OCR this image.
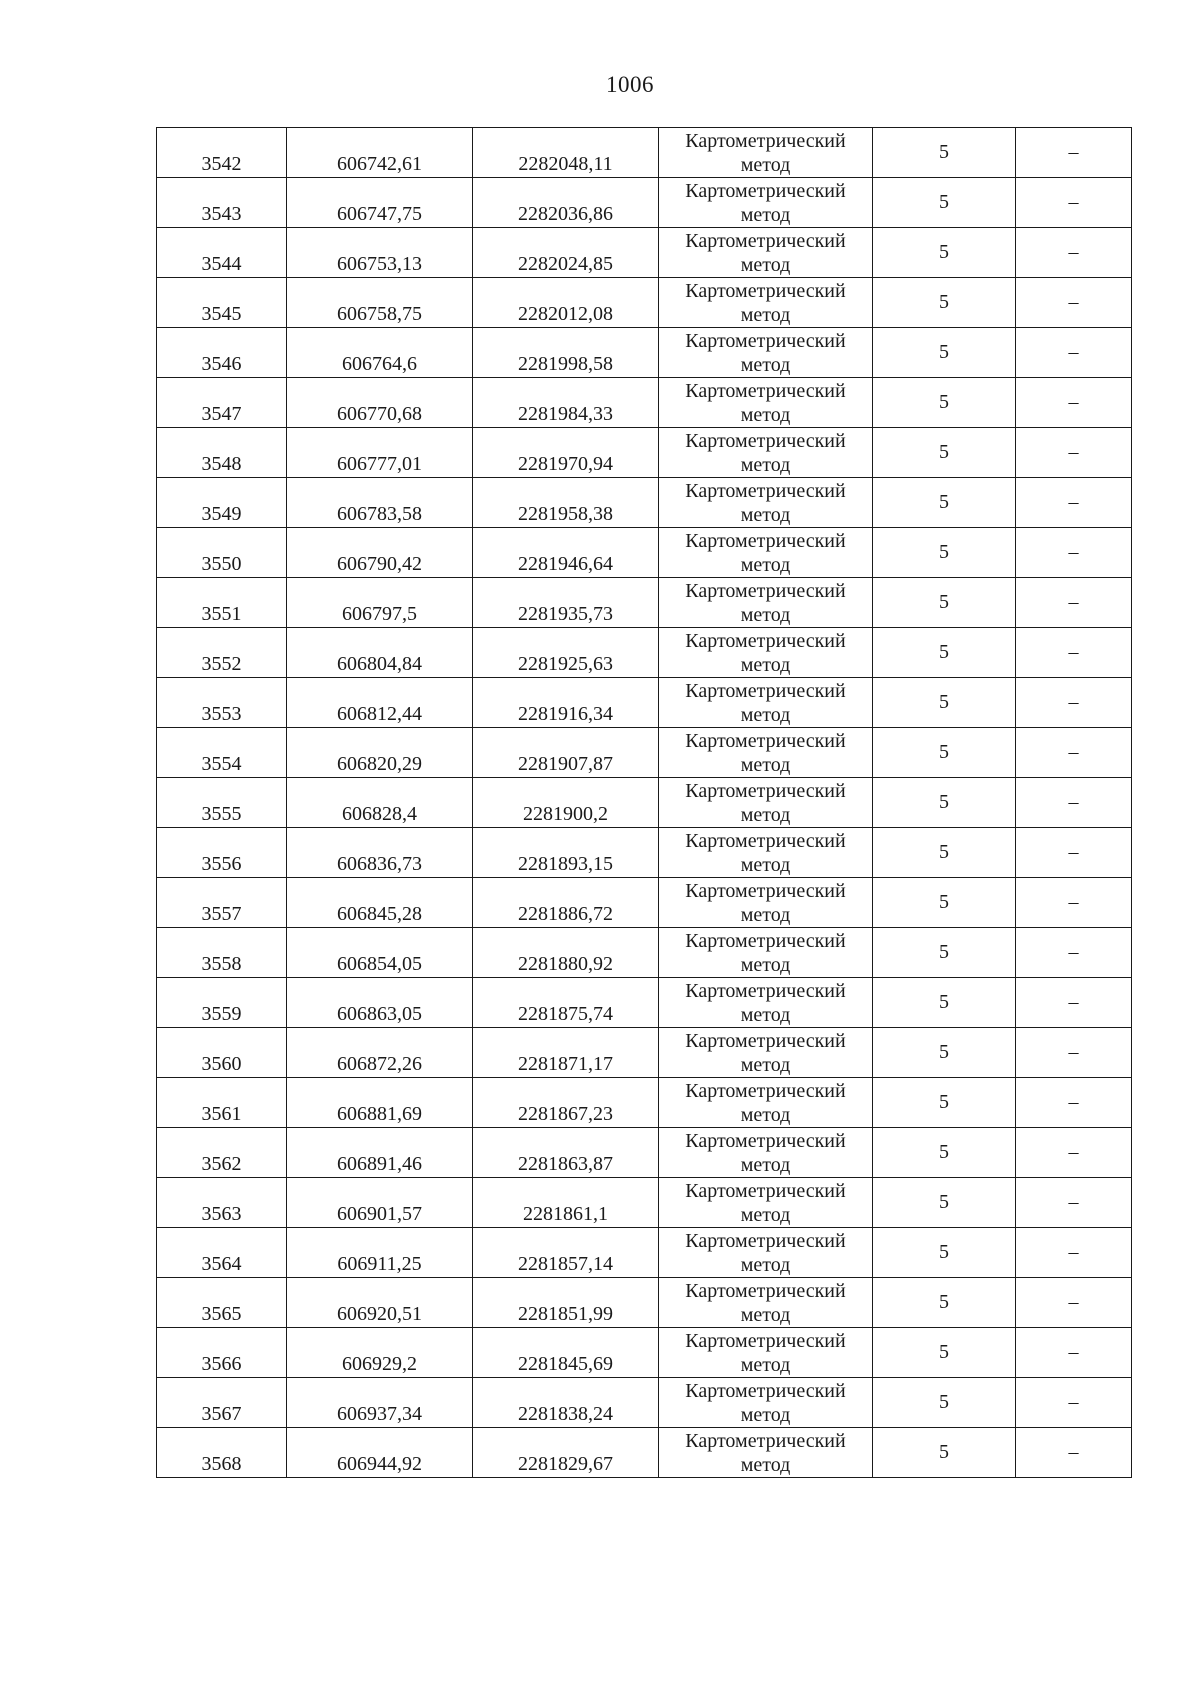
1006
3542	606742,61	2282048,11	Картометрический
метод	5	–
3543	606747,75	2282036,86	Картометрический
метод	5	–
3544	606753,13	2282024,85	Картометрический
метод	5	–
3545	606758,75	2282012,08	Картометрический
метод	5	–
3546	606764,6	2281998,58	Картометрический
метод	5	–
3547	606770,68	2281984,33	Картометрический
метод	5	–
3548	606777,01	2281970,94	Картометрический
метод	5	–
3549	606783,58	2281958,38	Картометрический
метод	5	–
3550	606790,42	2281946,64	Картометрический
метод	5	–
3551	606797,5	2281935,73	Картометрический
метод	5	–
3552	606804,84	2281925,63	Картометрический
метод	5	–
3553	606812,44	2281916,34	Картометрический
метод	5	–
3554	606820,29	2281907,87	Картометрический
метод	5	–
3555	606828,4	2281900,2	Картометрический
метод	5	–
3556	606836,73	2281893,15	Картометрический
метод	5	–
3557	606845,28	2281886,72	Картометрический
метод	5	–
3558	606854,05	2281880,92	Картометрический
метод	5	–
3559	606863,05	2281875,74	Картометрический
метод	5	–
3560	606872,26	2281871,17	Картометрический
метод	5	–
3561	606881,69	2281867,23	Картометрический
метод	5	–
3562	606891,46	2281863,87	Картометрический
метод	5	–
3563	606901,57	2281861,1	Картометрический
метод	5	–
3564	606911,25	2281857,14	Картометрический
метод	5	–
3565	606920,51	2281851,99	Картометрический
метод	5	–
3566	606929,2	2281845,69	Картометрический
метод	5	–
3567	606937,34	2281838,24	Картометрический
метод	5	–
3568	606944,92	2281829,67	Картометрический
метод	5	–
